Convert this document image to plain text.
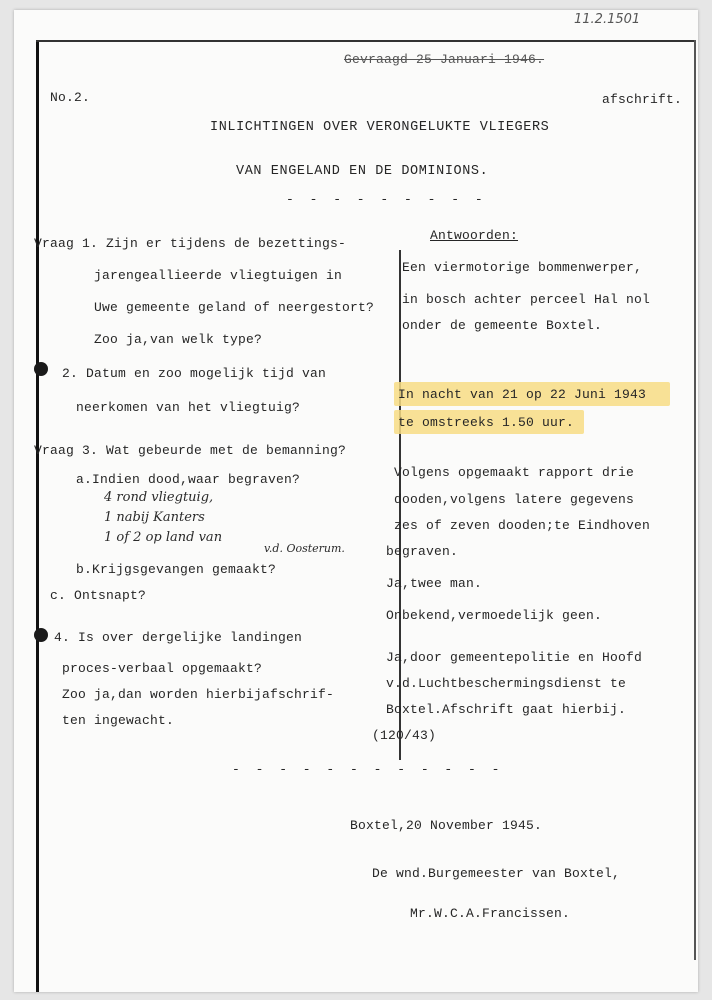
11.2.1501
Gevraagd 25 Januari 1946.
No.2.	afschrift.
INLICHTINGEN OVER VERONGELUKTE VLIEGERS
VAN ENGELAND EN DE DOMINIONS.
- - - - - - - - -
Antwoorden:
Vraag 1. Zijn er tijdens de bezettings-
jarengeallieerde vliegtuigen in
Uwe gemeente geland of neergestort?
Zoo ja,van welk type?
Een viermotorige bommenwerper,
in bosch achter perceel Hal nol
onder de gemeente Boxtel.
2. Datum en zoo mogelijk tijd van
neerkomen van het vliegtuig?
In nacht van 21 op 22 Juni 1943
te omstreeks 1.50 uur.
Vraag 3. Wat gebeurde met de bemanning?
a.Indien dood,waar begraven?
4 rond vliegtuig,
1 nabij Kanters
1 of 2 op land van
v.d. Oosterum.
b.Krijgsgevangen gemaakt?
c. Ontsnapt?
Volgens opgemaakt rapport drie
dooden,volgens latere gegevens
zes of zeven dooden;te Eindhoven
begraven.
Ja,twee man.
Onbekend,vermoedelijk geen.
4. Is over dergelijke landingen
proces-verbaal opgemaakt?
Zoo ja,dan worden hierbijafschrif-
ten ingewacht.
Ja,door gemeentepolitie en Hoofd
v.d.Luchtbeschermingsdienst te
Boxtel.Afschrift gaat hierbij.
(120/43)
- - - - - - - - - - - -
Boxtel,20 November 1945.
De wnd.Burgemeester van Boxtel,
Mr.W.C.A.Francissen.
